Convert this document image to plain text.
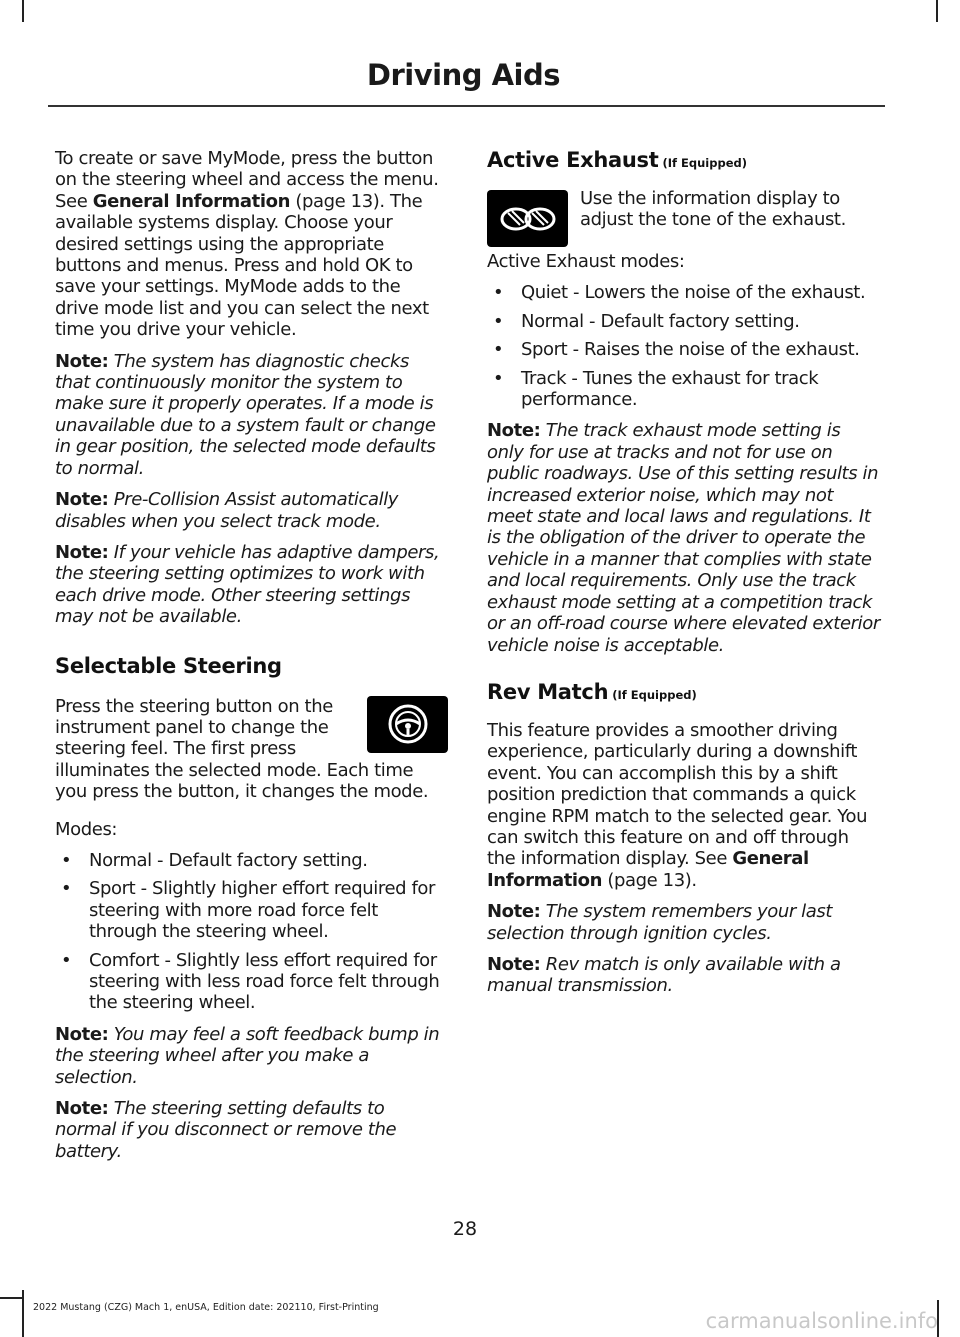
Driving Aids

To create or save MyMode, press the button on the steering wheel and access the menu. See General Information (page 13). The available systems display. Choose your desired settings using the appropriate buttons and menus. Press and hold OK to save your settings. MyMode adds to the drive mode list and you can select the next time you drive your vehicle.

Note: The system has diagnostic checks that continuously monitor the system to make sure it properly operates. If a mode is unavailable due to a system fault or change in gear position, the selected mode defaults to normal.

Note: Pre-Collision Assist automatically disables when you select track mode.

Note: If your vehicle has adaptive dampers, the steering setting optimizes to work with each drive mode. Other steering settings may not be available.

Selectable Steering

Press the steering button on the instrument panel to change the steering feel. The first press illuminates the selected mode. Each time you press the button, it changes the mode.

Modes:

• Normal - Default factory setting.
• Sport - Slightly higher effort required for steering with more road force felt through the steering wheel.
• Comfort - Slightly less effort required for steering with less road force felt through the steering wheel.

Note: You may feel a soft feedback bump in the steering wheel after you make a selection.

Note: The steering setting defaults to normal if you disconnect or remove the battery.

Active Exhaust (If Equipped)

Use the information display to adjust the tone of the exhaust.

Active Exhaust modes:

• Quiet - Lowers the noise of the exhaust.
• Normal - Default factory setting.
• Sport - Raises the noise of the exhaust.
• Track - Tunes the exhaust for track performance.

Note: The track exhaust mode setting is only for use at tracks and not for use on public roadways. Use of this setting results in increased exterior noise, which may not meet state and local laws and regulations. It is the obligation of the driver to operate the vehicle in a manner that complies with state and local requirements. Only use the track exhaust mode setting at a competition track or an off-road course where elevated exterior vehicle noise is acceptable.

Rev Match (If Equipped)

This feature provides a smoother driving experience, particularly during a downshift event. You can accomplish this by a shift position prediction that commands a quick engine RPM match to the selected gear. You can switch this feature on and off through the information display. See General Information (page 13).

Note: The system remembers your last selection through ignition cycles.

Note: Rev match is only available with a manual transmission.

28
2022 Mustang (CZG) Mach 1, enUSA, Edition date: 202110, First-Printing
carmanualsonline.info
